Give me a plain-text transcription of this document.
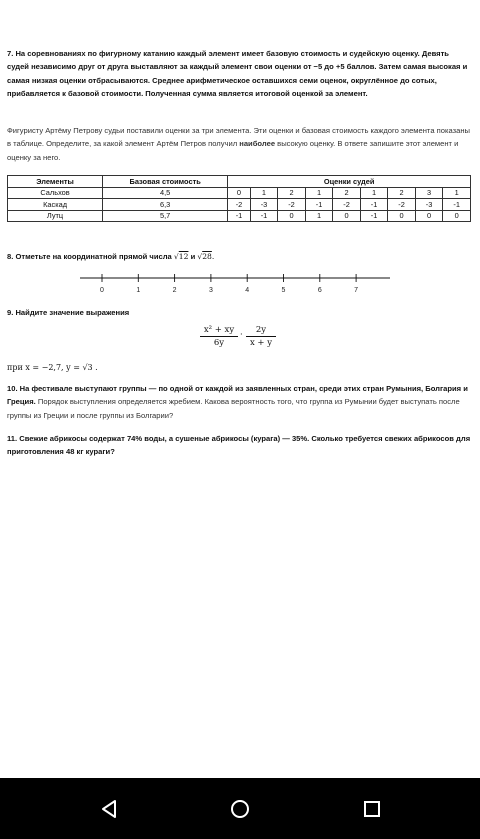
7. На соревнованиях по фигурному катанию каждый элемент имеет базовую стоимость и судейскую оценку. Девять судей независимо друг от друга выставляют за каждый элемент свои оценки от −5 до +5 баллов. Затем самая высокая и самая низкая оценки отбрасываются. Среднее арифметическое оставшихся семи оценок, округлённое до сотых, прибавляется к базовой стоимости. Полученная сумма является итоговой оценкой за элемент.

Фигуристу Артёму Петрову судьи поставили оценки за три элемента. Эти оценки и базовая стоимость каждого элемента показаны в таблице. Определите, за какой элемент Артём Петров получил наиболее высокую оценку. В ответе запишите этот элемент и оценку за него.

Элементы	Базовая стоимость	Оценки судей								
Сальхов	4,5	0	1	2	1	2	1	2	3	1
Каскад	6,3	-2	-3	-2	-1	-2	-1	-2	-3	-1
Лутц	5,7	-1	-1	0	1	0	-1	0	0	0

8. Отметьте на координатной прямой числа √12 и √28.

0	1	2	3	4	5	6	7

9. Найдите значение выражения

$\frac{\text{x² + xy}}{6y} \cdot \frac{2y}{x + y}$

при x = −2,7, y = √3 .

10. На фестивале выступают группы — по одной от каждой из заявленных стран, среди этих стран Румыния, Болгария и Греция. Порядок выступления определяется жребием. Какова вероятность того, что группа из Румынии будет выступать после группы из Греции и после группы из Болгарии?

11. Свежие абрикосы содержат 74% воды, а сушеные абрикосы (курага) — 35%. Сколько требуется свежих абрикосов для приготовления 48 кг кураги?
